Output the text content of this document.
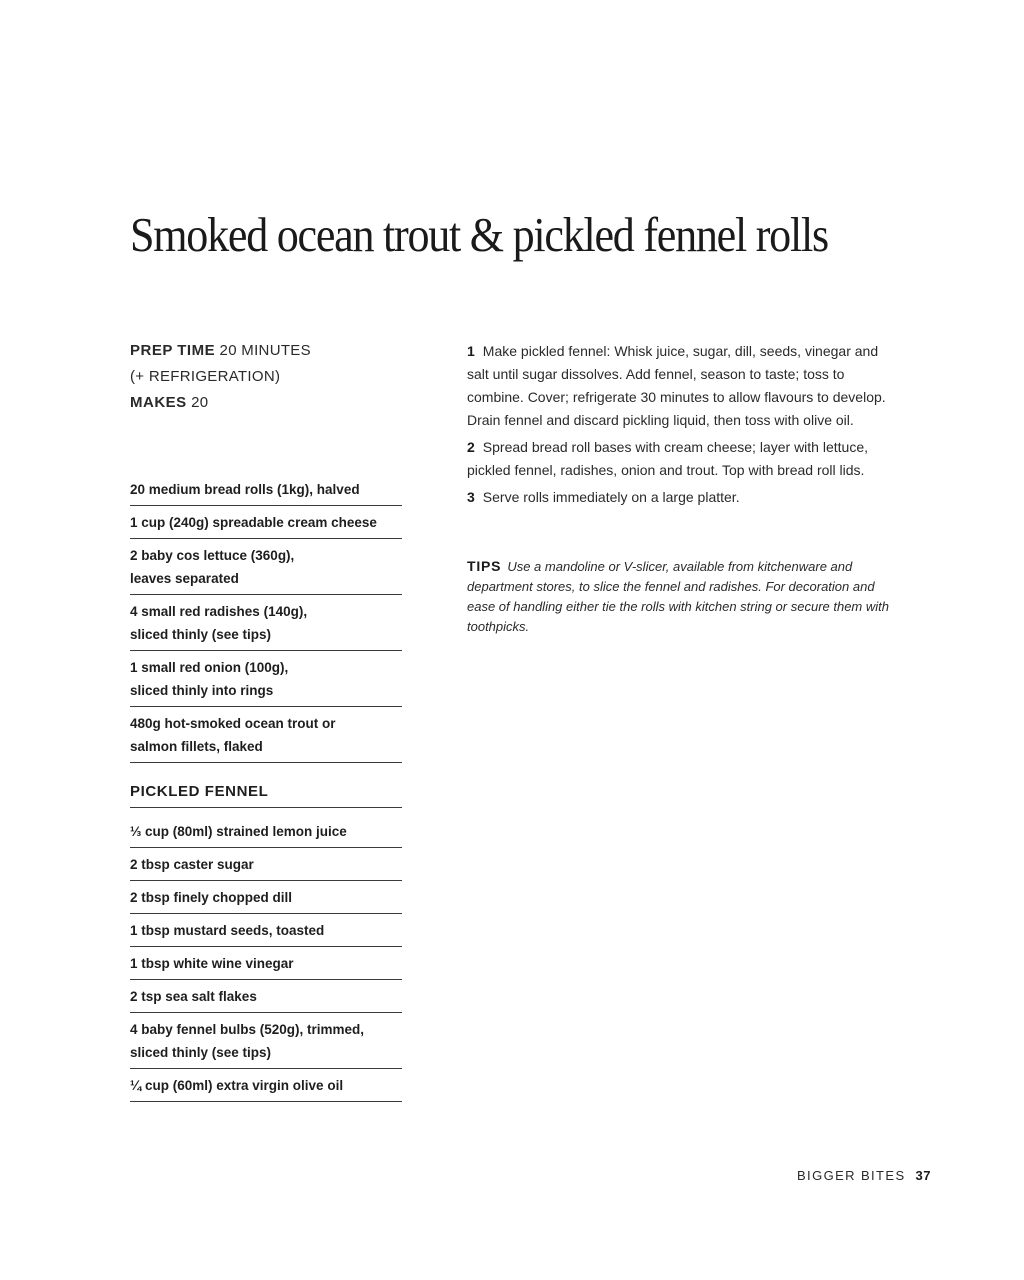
Smoked ocean trout & pickled fennel rolls
PREP TIME 20 MINUTES
(+ REFRIGERATION)
MAKES 20
20 medium bread rolls (1kg), halved
1 cup (240g) spreadable cream cheese
2 baby cos lettuce (360g),
leaves separated
4 small red radishes (140g),
sliced thinly (see tips)
1 small red onion (100g),
sliced thinly into rings
480g hot-smoked ocean trout or
salmon fillets, flaked
PICKLED FENNEL
⅓ cup (80ml) strained lemon juice
2 tbsp caster sugar
2 tbsp finely chopped dill
1 tbsp mustard seeds, toasted
1 tbsp white wine vinegar
2 tsp sea salt flakes
4 baby fennel bulbs (520g), trimmed,
sliced thinly (see tips)
¼ cup (60ml) extra virgin olive oil

1 Make pickled fennel: Whisk juice, sugar, dill, seeds, vinegar and salt until sugar dissolves. Add fennel, season to taste; toss to combine. Cover; refrigerate 30 minutes to allow flavours to develop. Drain fennel and discard pickling liquid, then toss with olive oil.

2 Spread bread roll bases with cream cheese; layer with lettuce, pickled fennel, radishes, onion and trout. Top with bread roll lids.

3 Serve rolls immediately on a large platter.

TIPS Use a mandoline or V-slicer, available from kitchenware and department stores, to slice the fennel and radishes. For decoration and ease of handling either tie the rolls with kitchen string or secure them with toothpicks.
BIGGER BITES 37
